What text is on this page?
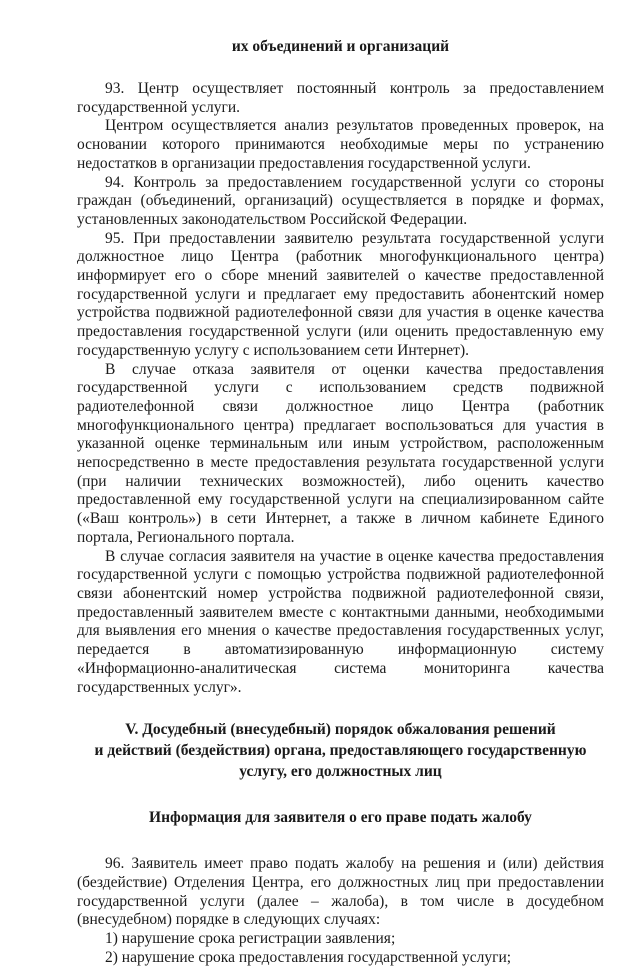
их объединений и организаций

93. Центр осуществляет постоянный контроль за предоставлением государственной услуги.

Центром осуществляется анализ результатов проведенных проверок, на основании которого принимаются необходимые меры по устранению недостатков в организации предоставления государственной услуги.

94. Контроль за предоставлением государственной услуги со стороны граждан (объединений, организаций) осуществляется в порядке и формах, установленных законодательством Российской Федерации.

95. При предоставлении заявителю результата государственной услуги должностное лицо Центра (работник многофункционального центра) информирует его о сборе мнений заявителей о качестве предоставленной государственной услуги и предлагает ему предоставить абонентский номер устройства подвижной радиотелефонной связи для участия в оценке качества предоставления государственной услуги (или оценить предоставленную ему государственную услугу с использованием сети Интернет).

В случае отказа заявителя от оценки качества предоставления государственной услуги с использованием средств подвижной радиотелефонной связи должностное лицо Центра (работник многофункционального центра) предлагает воспользоваться для участия в указанной оценке терминальным или иным устройством, расположенным непосредственно в месте предоставления результата государственной услуги (при наличии технических возможностей), либо оценить качество предоставленной ему государственной услуги на специализированном сайте («Ваш контроль») в сети Интернет, а также в личном кабинете Единого портала, Регионального портала.

В случае согласия заявителя на участие в оценке качества предоставления государственной услуги с помощью устройства подвижной радиотелефонной связи абонентский номер устройства подвижной радиотелефонной связи, предоставленный заявителем вместе с контактными данными, необходимыми для выявления его мнения о качестве предоставления государственных услуг, передается в автоматизированную информационную систему «Информационно-аналитическая система мониторинга качества государственных услуг».

V. Досудебный (внесудебный) порядок обжалования решений
и действий (бездействия) органа, предоставляющего государственную
услугу, его должностных лиц
Информация для заявителя о его праве подать жалобу

96. Заявитель имеет право подать жалобу на решения и (или) действия (бездействие) Отделения Центра, его должностных лиц при предоставлении государственной услуги (далее – жалоба), в том числе в досудебном (внесудебном) порядке в следующих случаях:

1) нарушение срока регистрации заявления;

2) нарушение срока предоставления государственной услуги;
